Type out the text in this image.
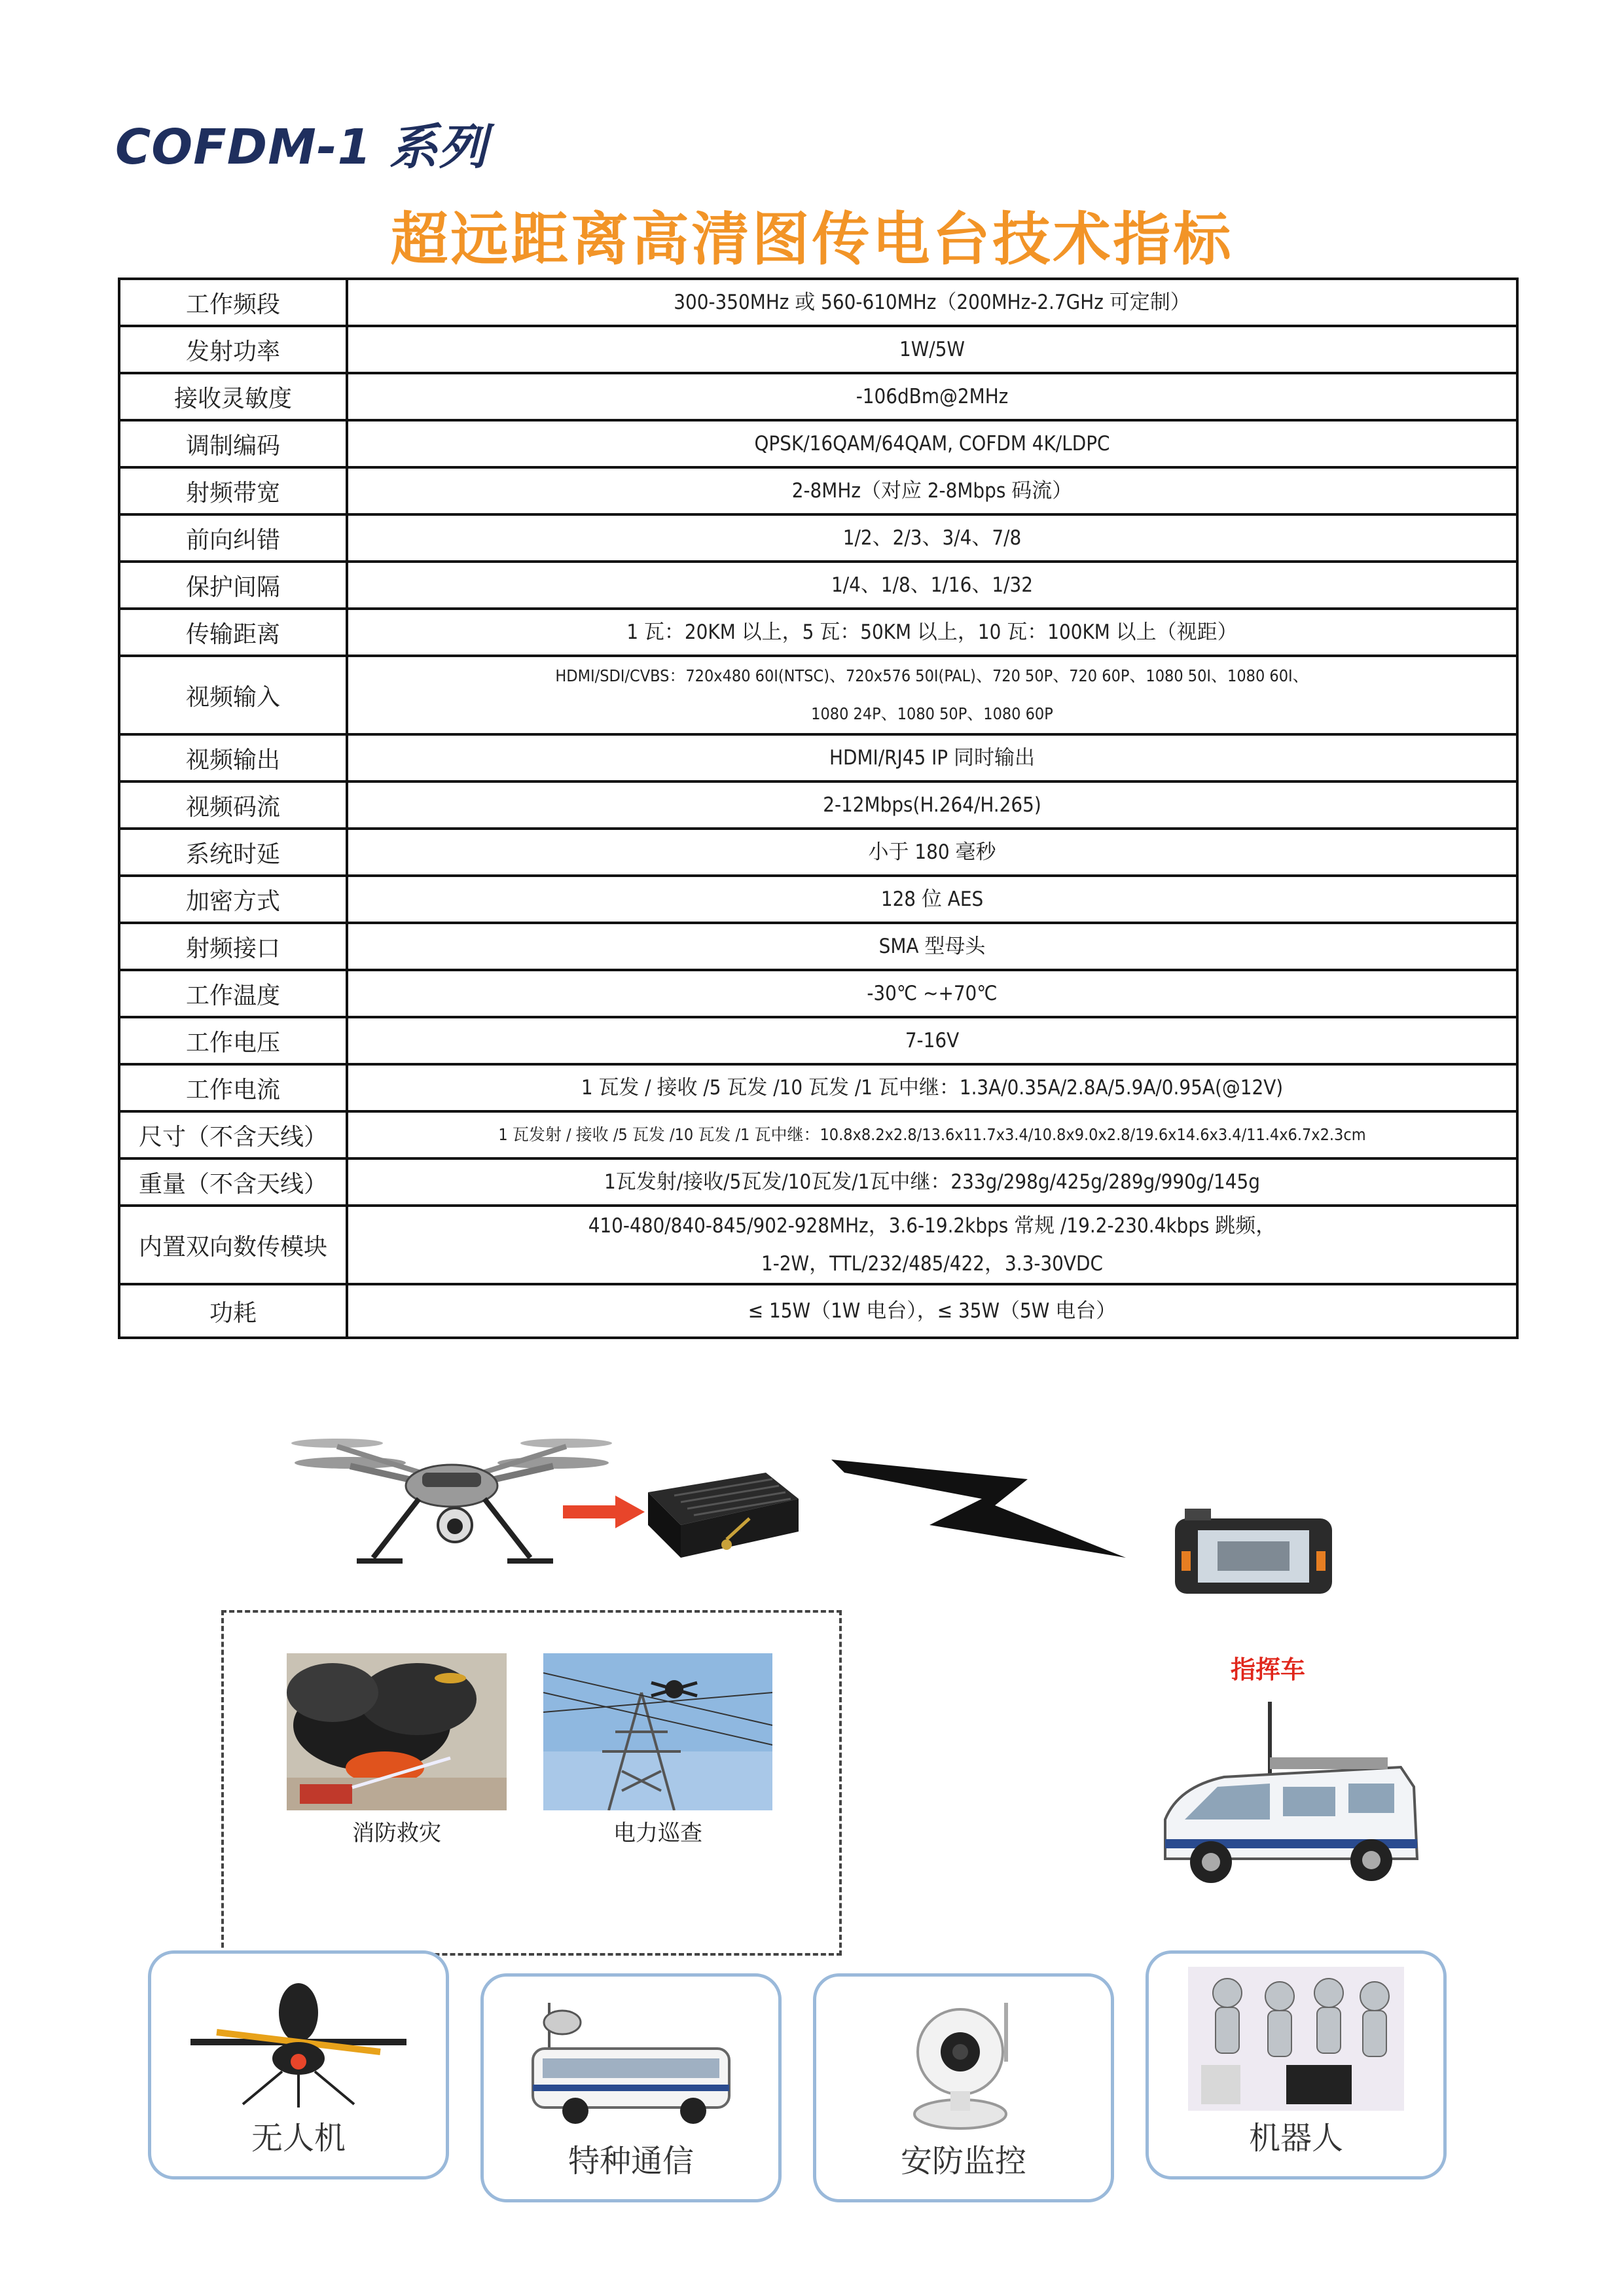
COFDM-1 系列
超远距离高清图传电台技术指标
工作频段	300-350MHz 或 560-610MHz（200MHz-2.7GHz 可定制）

发射功率	1W/5W

接收灵敏度	-106dBm@2MHz

调制编码	QPSK/16QAM/64QAM, COFDM 4K/LDPC

射频带宽	2-8MHz（对应 2-8Mbps 码流）

前向纠错	1/2、2/3、3/4、7/8

保护间隔	1/4、1/8、1/16、1/32

传输距离	1 瓦：20KM 以上，5 瓦：50KM 以上，10 瓦：100KM 以上（视距）

视频输入	HDMI/SDI/CVBS：720x480 60I(NTSC)、720x576 50I(PAL)、720 50P、720 60P、1080 50I、1080 60I、
1080 24P、1080 50P、1080 60P

视频输出	HDMI/RJ45 IP 同时输出

视频码流	2-12Mbps(H.264/H.265)

系统时延	小于 180 毫秒

加密方式	128 位 AES

射频接口	SMA 型母头

工作温度	-30℃ ~+70℃

工作电压	7-16V

工作电流	1 瓦发 / 接收 /5 瓦发 /10 瓦发 /1 瓦中继：1.3A/0.35A/2.8A/5.9A/0.95A(@12V)

尺寸（不含天线）	1 瓦发射 / 接收 /5 瓦发 /10 瓦发 /1 瓦中继：10.8x8.2x2.8/13.6x11.7x3.4/10.8x9.0x2.8/19.6x14.6x3.4/11.4x6.7x2.3cm

重量（不含天线）	1瓦发射/接收/5瓦发/10瓦发/1瓦中继：233g/298g/425g/289g/990g/145g

内置双向数传模块	410-480/840-845/902-928MHz，3.6-19.2kbps 常规 /19.2-230.4kbps 跳频，
1-2W，TTL/232/485/422，3.3-30VDC

功耗	≤ 15W（1W 电台），≤ 35W（5W 电台）
消防救灾	电力巡查
指挥车
无人机
特种通信	安防监控
机器人
